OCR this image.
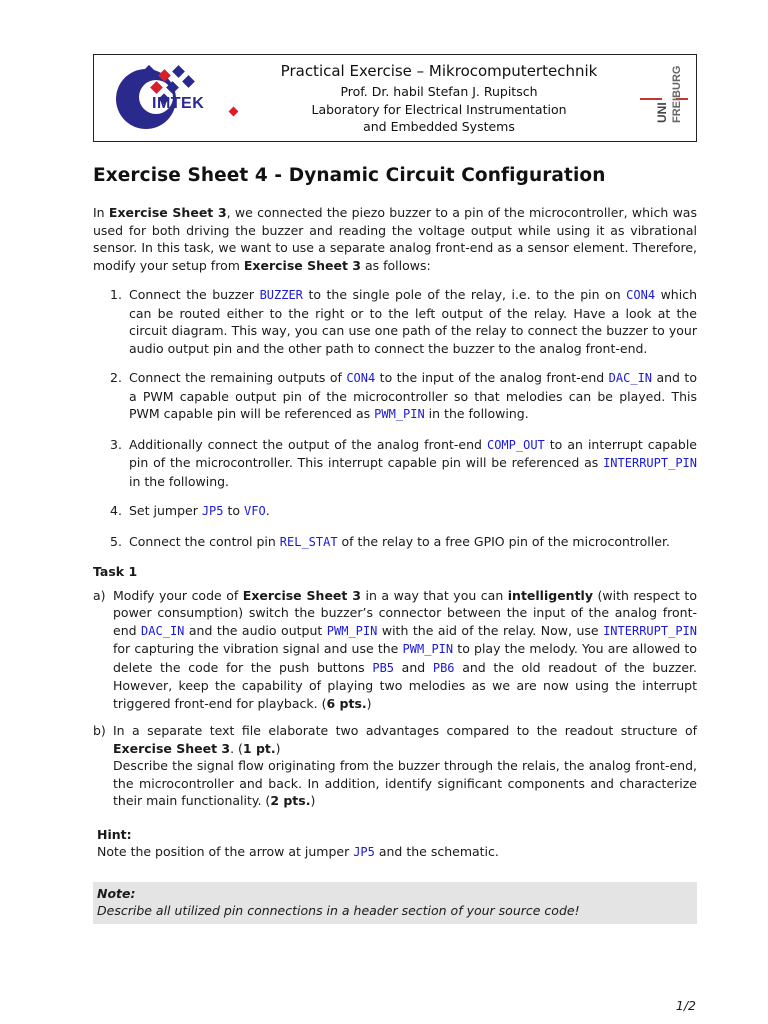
IMTEK
Practical Exercise – Mikrocomputertechnik
Prof. Dr. habil Stefan J. Rupitsch
Laboratory for Electrical Instrumentation
and Embedded Systems
UNI FREIBURG
Exercise Sheet 4 - Dynamic Circuit Configuration

In Exercise Sheet 3, we connected the piezo buzzer to a pin of the microcontroller, which was used for both driving the buzzer and reading the voltage output while using it as vibrational sensor. In this task, we want to use a separate analog front-end as a sensor element. Therefore, modify your setup from Exercise Sheet 3 as follows:

1. Connect the buzzer BUZZER to the single pole of the relay, i.e. to the pin on CON4 which can be routed either to the right or to the left output of the relay. Have a look at the circuit diagram. This way, you can use one path of the relay to connect the buzzer to your audio output pin and the other path to connect the buzzer to the analog front-end.
2. Connect the remaining outputs of CON4 to the input of the analog front-end DAC_IN and to a PWM capable output pin of the microcontroller so that melodies can be played. This PWM capable pin will be referenced as PWM_PIN in the following.
3. Additionally connect the output of the analog front-end COMP_OUT to an interrupt capable pin of the microcontroller. This interrupt capable pin will be referenced as INTERRUPT_PIN in the following.
4. Set jumper JP5 to VFO.
5. Connect the control pin REL_STAT of the relay to a free GPIO pin of the microcontroller.
Task 1
a) Modify your code of Exercise Sheet 3 in a way that you can intelligently (with respect to power consumption) switch the buzzer’s connector between the input of the analog front-end DAC_IN and the audio output PWM_PIN with the aid of the relay. Now, use INTERRUPT_PIN for capturing the vibration signal and use the PWM_PIN to play the melody. You are allowed to delete the code for the push buttons PB5 and PB6 and the old readout of the buzzer. However, keep the capability of playing two melodies as we are now using the interrupt triggered front-end for playback. (6 pts.)
b) In a separate text file elaborate two advantages compared to the readout structure of Exercise Sheet 3. (1 pt.)
Describe the signal flow originating from the buzzer through the relais, the analog front-end, the microcontroller and back. In addition, identify significant components and characterize their main functionality. (2 pts.)
Hint:
Note the position of the arrow at jumper JP5 and the schematic.
Note:
Describe all utilized pin connections in a header section of your source code!
1/2
